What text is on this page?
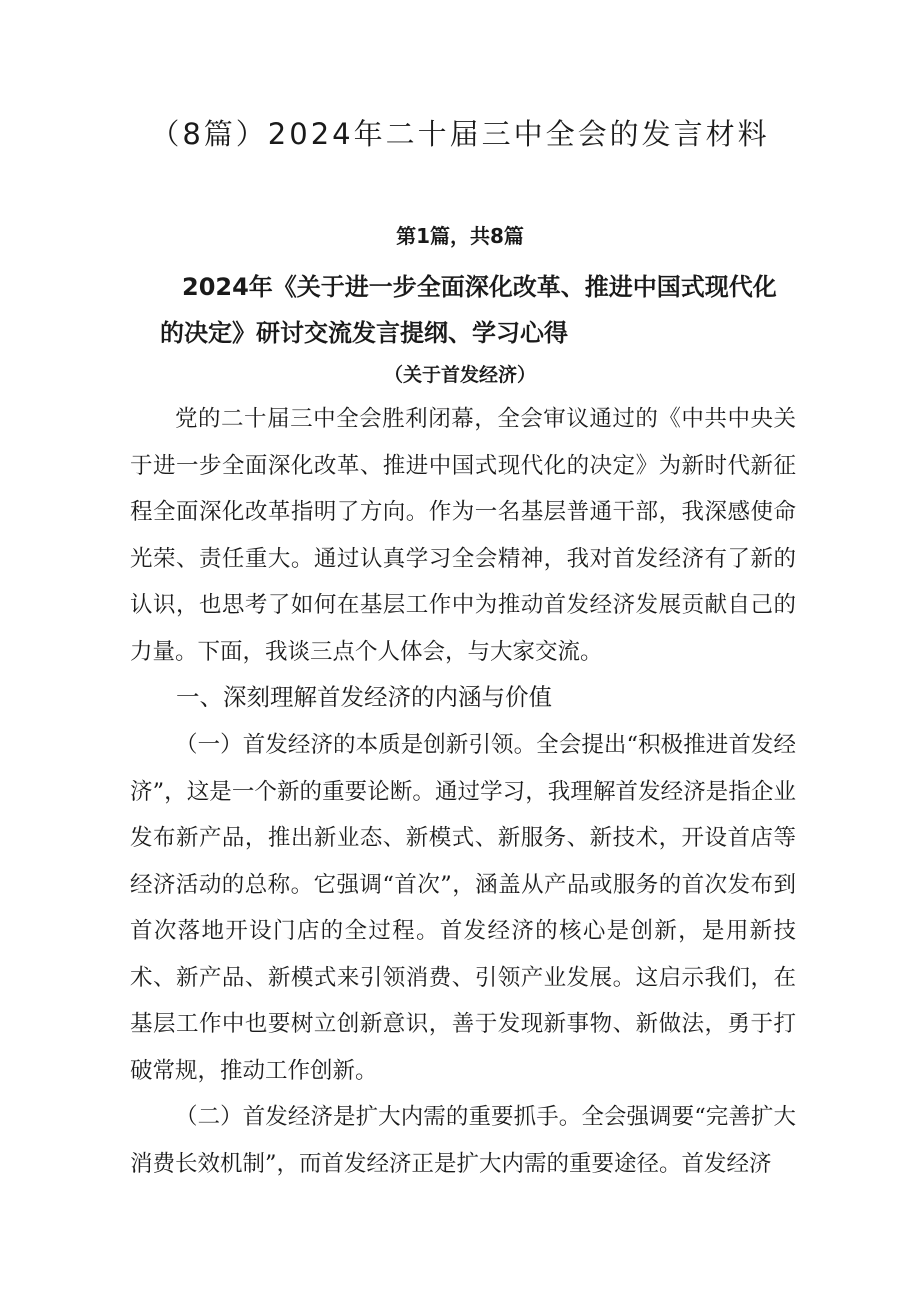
（8篇）2024年二十届三中全会的发言材料
第1篇，共8篇
2024年《关于进一步全面深化改革、推进中国式现代化的决定》研讨交流发言提纲、学习心得
（关于首发经济）

党的二十届三中全会胜利闭幕，全会审议通过的《中共中央关于进一步全面深化改革、推进中国式现代化的决定》为新时代新征程全面深化改革指明了方向。作为一名基层普通干部，我深感使命光荣、责任重大。通过认真学习全会精神，我对首发经济有了新的认识，也思考了如何在基层工作中为推动首发经济发展贡献自己的力量。下面，我谈三点个人体会，与大家交流。

一、深刻理解首发经济的内涵与价值

（一）首发经济的本质是创新引领。全会提出“积极推进首发经济”，这是一个新的重要论断。通过学习，我理解首发经济是指企业发布新产品，推出新业态、新模式、新服务、新技术，开设首店等经济活动的总称。它强调“首次”，涵盖从产品或服务的首次发布到首次落地开设门店的全过程。首发经济的核心是创新，是用新技术、新产品、新模式来引领消费、引领产业发展。这启示我们，在基层工作中也要树立创新意识，善于发现新事物、新做法，勇于打破常规，推动工作创新。

（二）首发经济是扩大内需的重要抓手。全会强调要“完善扩大消费长效机制”，而首发经济正是扩大内需的重要途径。首发经济
